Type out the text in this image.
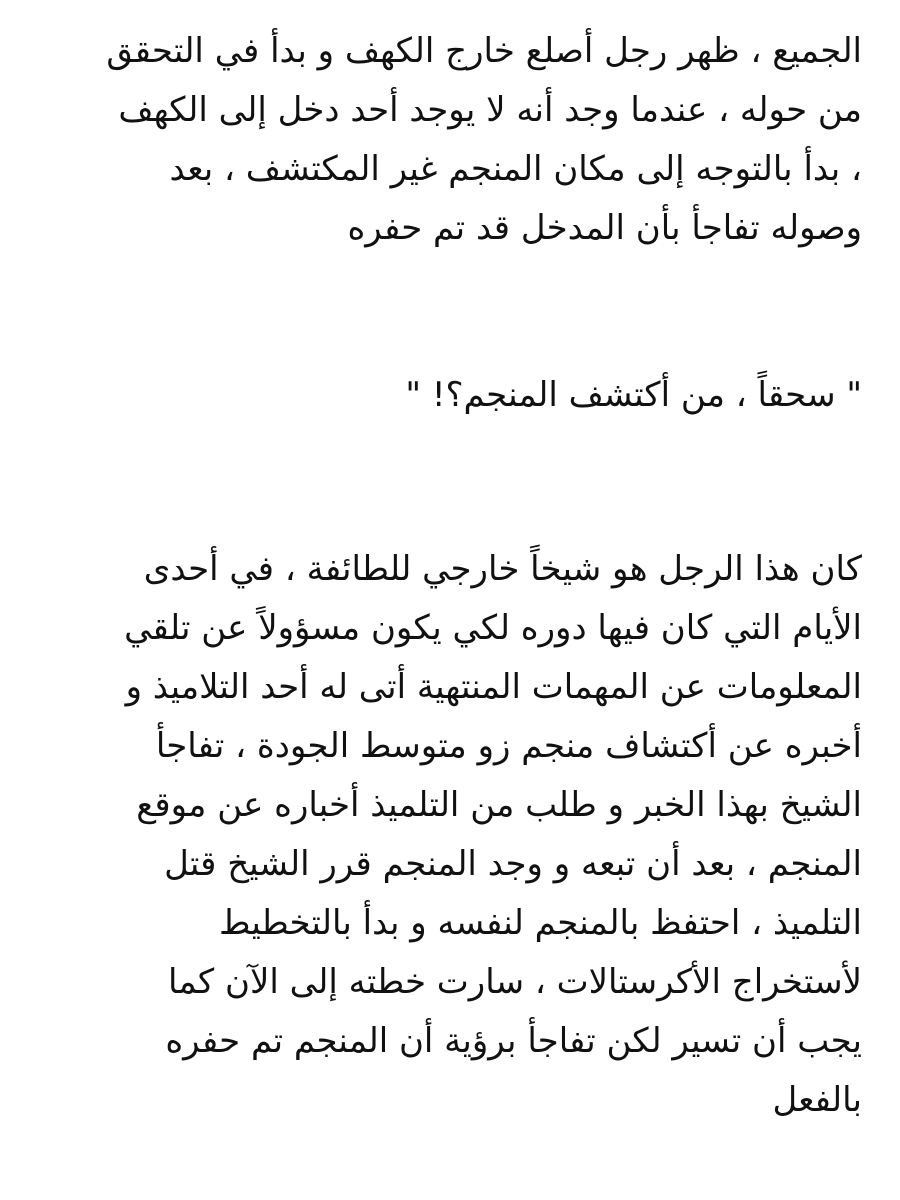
الجميع ، ظهر رجل أصلع خارج الكهف و بدأ في التحقق
من حوله ، عندما وجد أنه لا يوجد أحد دخل إلى الكهف
، بدأ بالتوجه إلى مكان المنجم غير المكتشف ، بعد
وصوله تفاجأ بأن المدخل قد تم حفره

" سحقاً ، من أكتشف المنجم؟! "

كان هذا الرجل هو شيخاً خارجي للطائفة ، في أحدى
الأيام التي كان فيها دوره لكي يكون مسؤولاً عن تلقي
المعلومات عن المهمات المنتهية أتى له أحد التلاميذ و
أخبره عن أكتشاف منجم زو متوسط الجودة ، تفاجأ
الشيخ بهذا الخبر و طلب من التلميذ أخباره عن موقع
المنجم ، بعد أن تبعه و وجد المنجم قرر الشيخ قتل
التلميذ ، احتفظ بالمنجم لنفسه و بدأ بالتخطيط
لأستخراج الأكرستالات ، سارت خطته إلى الآن كما
يجب أن تسير لكن تفاجأ برؤية أن المنجم تم حفره
بالفعل
